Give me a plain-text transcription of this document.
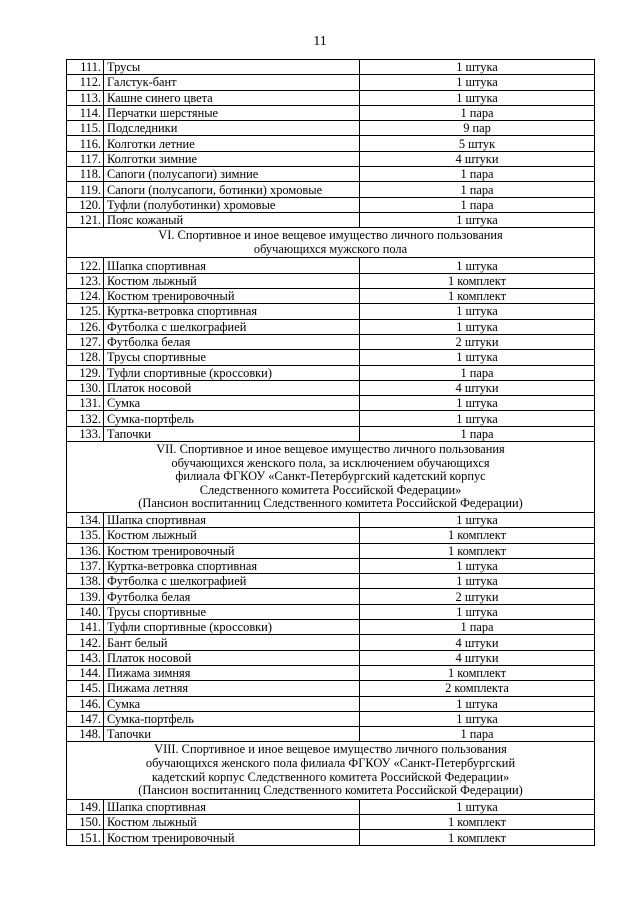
11
111.	Трусы	1 штука
112.	Галстук-бант	1 штука
113.	Кашне синего цвета	1 штука
114.	Перчатки шерстяные	1 пара
115.	Подследники	9 пар
116.	Колготки летние	5 штук
117.	Колготки зимние	4 штуки
118.	Сапоги (полусапоги) зимние	1 пара
119.	Сапоги (полусапоги, ботинки) хромовые	1 пара
120.	Туфли (полуботинки) хромовые	1 пара
121.	Пояс кожаный	1 штука

VI. Спортивное и иное вещевое имущество личного пользования
обучающихся мужского пола		

122.	Шапка спортивная	1 штука
123.	Костюм лыжный	1 комплект
124.	Костюм тренировочный	1 комплект
125.	Куртка-ветровка спортивная	1 штука
126.	Футболка с шелкографией	1 штука
127.	Футболка белая	2 штуки
128.	Трусы спортивные	1 штука
129.	Туфли спортивные (кроссовки)	1 пара
130.	Платок носовой	4 штуки
131.	Сумка	1 штука
132.	Сумка-портфель	1 штука
133.	Тапочки	1 пара

VII. Спортивное и иное вещевое имущество личного пользования
обучающихся женского пола, за исключением обучающихся
филиала ФГКОУ «Санкт-Петербургский кадетский корпус
Следственного комитета Российской Федерации»
(Пансион воспитанниц Следственного комитета Российской Федерации)		

134.	Шапка спортивная	1 штука
135.	Костюм лыжный	1 комплект
136.	Костюм тренировочный	1 комплект
137.	Куртка-ветровка спортивная	1 штука
138.	Футболка с шелкографией	1 штука
139.	Футболка белая	2 штуки
140.	Трусы спортивные	1 штука
141.	Туфли спортивные (кроссовки)	1 пара
142.	Бант белый	4 штуки
143.	Платок носовой	4 штуки
144.	Пижама зимняя	1 комплект
145.	Пижама летняя	2 комплекта
146.	Сумка	1 штука
147.	Сумка-портфель	1 штука
148.	Тапочки	1 пара

VIII. Спортивное и иное вещевое имущество личного пользования
обучающихся женского пола филиала ФГКОУ «Санкт-Петербургский
кадетский корпус Следственного комитета Российской Федерации»
(Пансион воспитанниц Следственного комитета Российской Федерации)		

149.	Шапка спортивная	1 штука
150.	Костюм лыжный	1 комплект
151.	Костюм тренировочный	1 комплект
